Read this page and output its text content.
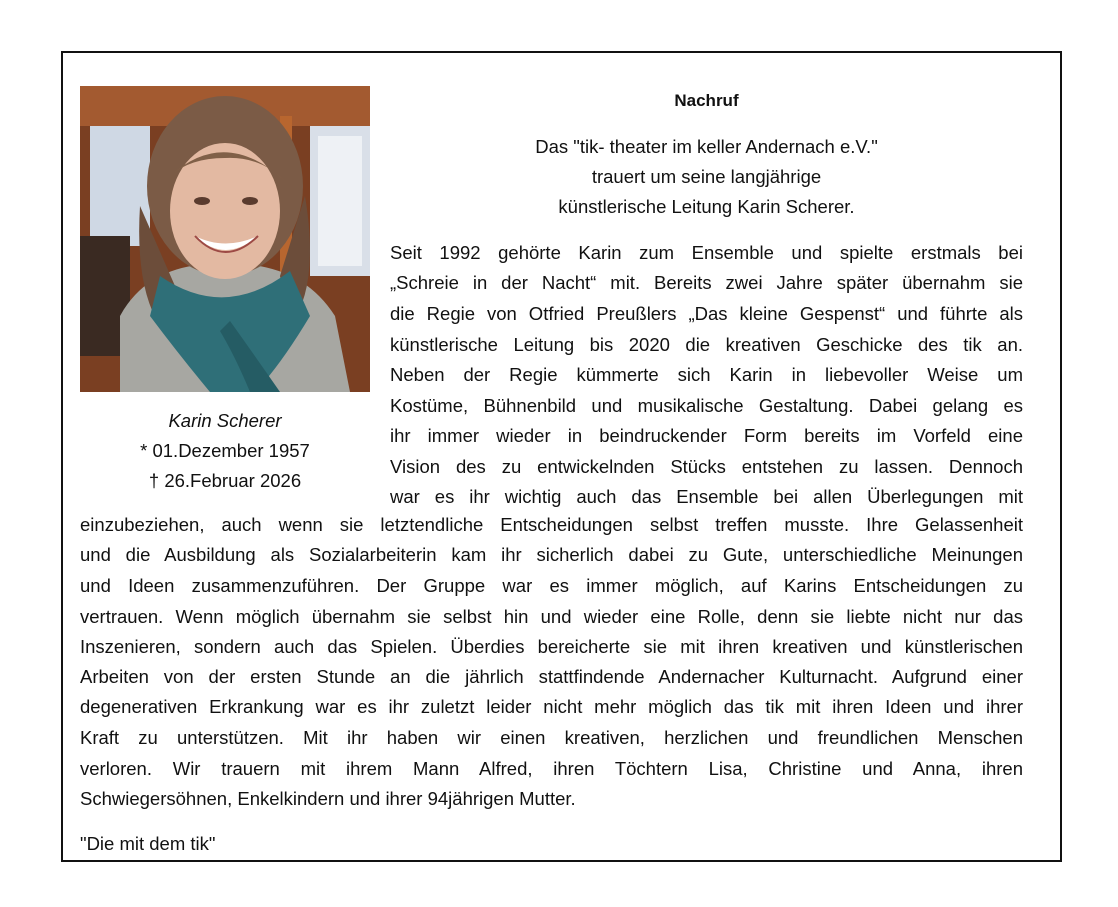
Karin Scherer
* 01.Dezember 1957
† 26.Februar 2026
Nachruf
Das "tik- theater im keller Andernach e.V."
trauert um seine langjährige
künstlerische Leitung Karin Scherer.
Seit 1992 gehörte Karin zum Ensemble und spielte erstmals bei
„Schreie in der Nacht“ mit. Bereits zwei Jahre später übernahm sie
die Regie von Otfried Preußlers „Das kleine Gespenst“ und führte als
künstlerische Leitung bis 2020 die kreativen Geschicke des tik an.
Neben der Regie kümmerte sich Karin in liebevoller Weise um
Kostüme, Bühnenbild und musikalische Gestaltung. Dabei gelang es
ihr immer wieder in beindruckender Form bereits im Vorfeld eine
Vision des zu entwickelnden Stücks entstehen zu lassen. Dennoch
war es ihr wichtig auch das Ensemble bei allen Überlegungen mit
einzubeziehen, auch wenn sie letztendliche Entscheidungen selbst treffen musste. Ihre Gelassenheit
und die Ausbildung als Sozialarbeiterin kam ihr sicherlich dabei zu Gute, unterschiedliche Meinungen
und Ideen zusammenzuführen. Der Gruppe war es immer möglich, auf Karins Entscheidungen zu
vertrauen. Wenn möglich übernahm sie selbst hin und wieder eine Rolle, denn sie liebte nicht nur das
Inszenieren, sondern auch das Spielen. Überdies bereicherte sie mit ihren kreativen und künstlerischen
Arbeiten von der ersten Stunde an die jährlich stattfindende Andernacher Kulturnacht. Aufgrund einer
degenerativen Erkrankung war es ihr zuletzt leider nicht mehr möglich das tik mit ihren Ideen und ihrer
Kraft zu unterstützen. Mit ihr haben wir einen kreativen, herzlichen und freundlichen Menschen
verloren. Wir trauern mit ihrem Mann Alfred, ihren Töchtern Lisa, Christine und Anna, ihren
Schwiegersöhnen, Enkelkindern und ihrer 94jährigen Mutter.
"Die mit dem tik"
